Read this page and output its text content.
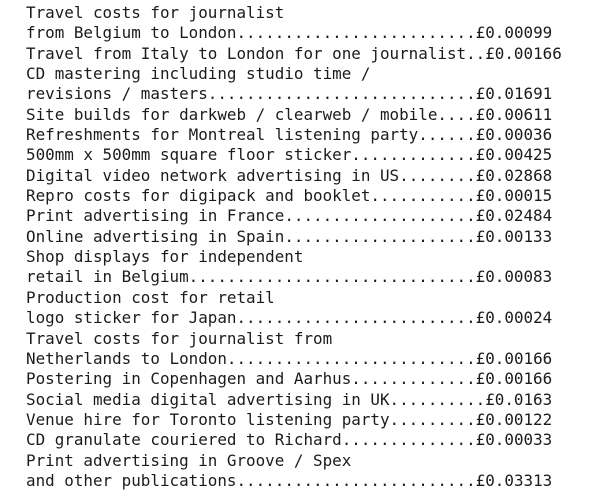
Travel costs for journalist
from Belgium to London.........................£0.00099
Travel from Italy to London for one journalist..£0.00166
CD mastering including studio time /
revisions / masters............................£0.01691
Site builds for darkweb / clearweb / mobile....£0.00611
Refreshments for Montreal listening party......£0.00036
500mm x 500mm square floor sticker.............£0.00425
Digital video network advertising in US........£0.02868
Repro costs for digipack and booklet...........£0.00015
Print advertising in France....................£0.02484
Online advertising in Spain....................£0.00133
Shop displays for independent
retail in Belgium..............................£0.00083
Production cost for retail
logo sticker for Japan.........................£0.00024
Travel costs for journalist from
Netherlands to London..........................£0.00166
Postering in Copenhagen and Aarhus.............£0.00166
Social media digital advertising in UK..........£0.0163
Venue hire for Toronto listening party.........£0.00122
CD granulate couriered to Richard..............£0.00033
Print advertising in Groove / Spex
and other publications.........................£0.03313
